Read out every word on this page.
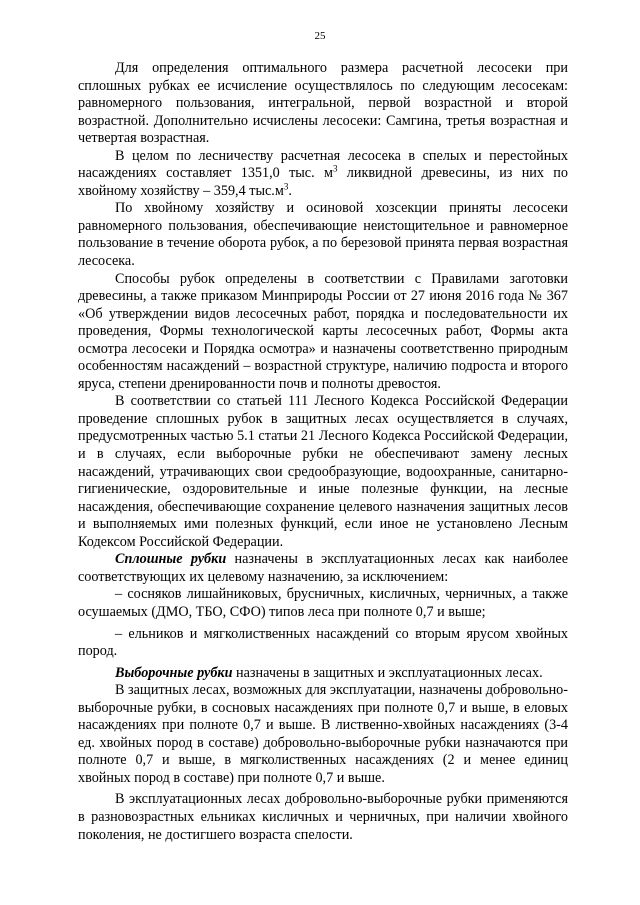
25

Для определения оптимального размера расчетной лесосеки при сплошных рубках ее исчисление осуществлялось по следующим лесосекам: равномерного пользования, интегральной, первой возрастной и второй возрастной. Дополнительно исчислены лесосеки: Самгина, третья возрастная и четвертая возрастная.

В целом по лесничеству расчетная лесосека в спелых и перестойных насаждениях составляет 1351,0 тыс. $м^3$ ликвидной древесины, из них по хвойному хозяйству – 359,4 $тыс.м^3$.

По хвойному хозяйству и осиновой хозсекции приняты лесосеки равномерного пользования, обеспечивающие неистощительное и равномерное пользование в течение оборота рубок, а по березовой принята первая возрастная лесосека.

Способы рубок определены в соответствии с Правилами заготовки древесины, а также приказом Минприроды России от 27 июня 2016 года № 367 «Об утверждении видов лесосечных работ, порядка и последовательности их проведения, Формы технологической карты лесосечных работ, Формы акта осмотра лесосеки и Порядка осмотра» и назначены соответственно природным особенностям насаждений – возрастной структуре, наличию подроста и второго яруса, степени дренированности почв и полноты древостоя.

В соответствии со статьей 111 Лесного Кодекса Российской Федерации проведение сплошных рубок в защитных лесах осуществляется в случаях, предусмотренных частью 5.1 статьи 21 Лесного Кодекса Российской Федерации, и в случаях, если выборочные рубки не обеспечивают замену лесных насаждений, утрачивающих свои средообразующие, водоохранные, санитарно-гигиенические, оздоровительные и иные полезные функции, на лесные насаждения, обеспечивающие сохранение целевого назначения защитных лесов и выполняемых ими полезных функций, если иное не установлено Лесным Кодексом Российской Федерации.

Сплошные рубки назначены в эксплуатационных лесах как наиболее соответствующих их целевому назначению, за исключением:

– сосняков лишайниковых, брусничных, кисличных, черничных, а также осушаемых (ДМО, ТБО, СФО) типов леса при полноте 0,7 и выше;

– ельников и мягколиственных насаждений со вторым ярусом хвойных пород.

Выборочные рубки назначены в защитных и эксплуатационных лесах.

В защитных лесах, возможных для эксплуатации, назначены добровольно-выборочные рубки, в сосновых насаждениях при полноте 0,7 и выше, в еловых насаждениях при полноте 0,7 и выше. В лиственно-хвойных насаждениях (3-4 ед. хвойных пород в составе) добровольно-выборочные рубки назначаются при полноте 0,7 и выше, в мягколиственных насаждениях (2 и менее единиц хвойных пород в составе) при полноте 0,7 и выше.

В эксплуатационных лесах добровольно-выборочные рубки применяются в разновозрастных ельниках кисличных и черничных, при наличии хвойного поколения, не достигшего возраста спелости.
